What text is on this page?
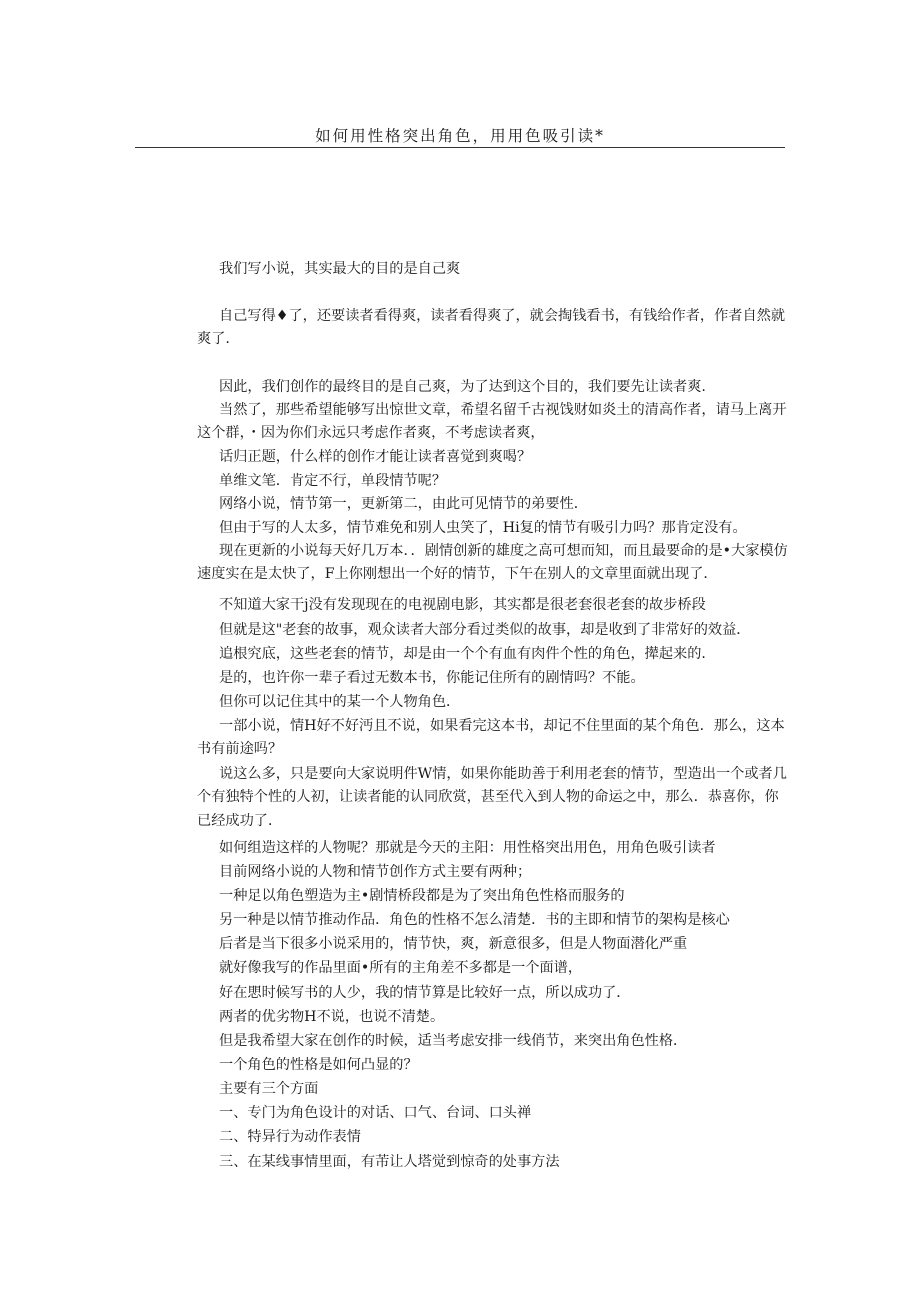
如何用性格突出角色，用用色吸引读*

我们写小说，其实最大的目的是自己爽

自己写得♦了，还要读者看得爽，读者看得爽了，就会掏钱看书，有钱给作者，作者自然就爽了.

因此，我们创作的最终目的是自己爽，为了达到这个目的，我们要先让读者爽.

当然了，那些希望能够写出惊世文章，希望名留千古视饯财如炎土的清高作者，请马上离开这个群，・因为你们永远只考虑作者爽，不考虑读者爽，

话归正题，什么样的创作才能让读者喜觉到爽喝？

单维文笔．肯定不行，单段情节呢？

网络小说，情节第一，更新第二，由此可见情节的弟要性．

但由于写的人太多，情节难免和别人虫笑了，Hi复的情节有吸引力吗？那肯定没有。

现在更新的小说每天好几万本．．剧情创新的雄度之高可想而知，而且最要命的是•大家模仿速度实在是太快了，F上你刚想出一个好的情节，下午在别人的文章里面就出现了．

不知道大家干j没有发现现在的电视剧电影，其实都是很老套很老套的故步桥段

但就是这"老套的故事，观众读者大部分看过类似的故事，却是收到了非常好的效益．

追根究底，这些老套的情节，却是由一个个有血有肉件个性的角色，撵起来的．

是的，也许你一辈子看过无数本书，你能记住所有的剧情吗？不能。

但你可以记住其中的某一个人物角色．

一部小说，情H好不好沔且不说，如果看完这本书，却记不住里面的某个角色．那么，这本书有前途吗？

说这么多，只是要向大家说明件W情，如果你能助善于利用老套的情节，型造出一个或者几个有独特个性的人初，让读者能的认同欣赏，甚至代入到人物的命运之中，那么．恭喜你，你已经成功了．

如何组造这样的人物呢？那就是今天的主阳：用性格突出用色，用角色吸引读者

目前网络小说的人物和情节创作方式主要有两种；

一种足以角色塑造为主•剧情桥段都是为了突出角色性格而服务的

另一种是以情节推动作品．角色的性格不怎么清楚．书的主即和情节的架构是核心

后者是当下很多小说采用的，情节快，爽，新意很多，但是人物面潜化严重

就好像我写的作品里面•所有的主角差不多都是一个面谱，

好在愳时候写书的人少，我的情节算是比较好一点，所以成功了．

两者的优劣物H不说，也说不清楚。

但是我希望大家在创作的时候，适当考虑安排一线俏节，来突出角色性格．

一个角色的性格是如何凸显的？

主要有三个方面

一、专门为角色设计的对话、口气、台词、口头禅

二、特异行为动作表情

三、在某线事情里面，有芾让人塔觉到惊奇的处事方法
